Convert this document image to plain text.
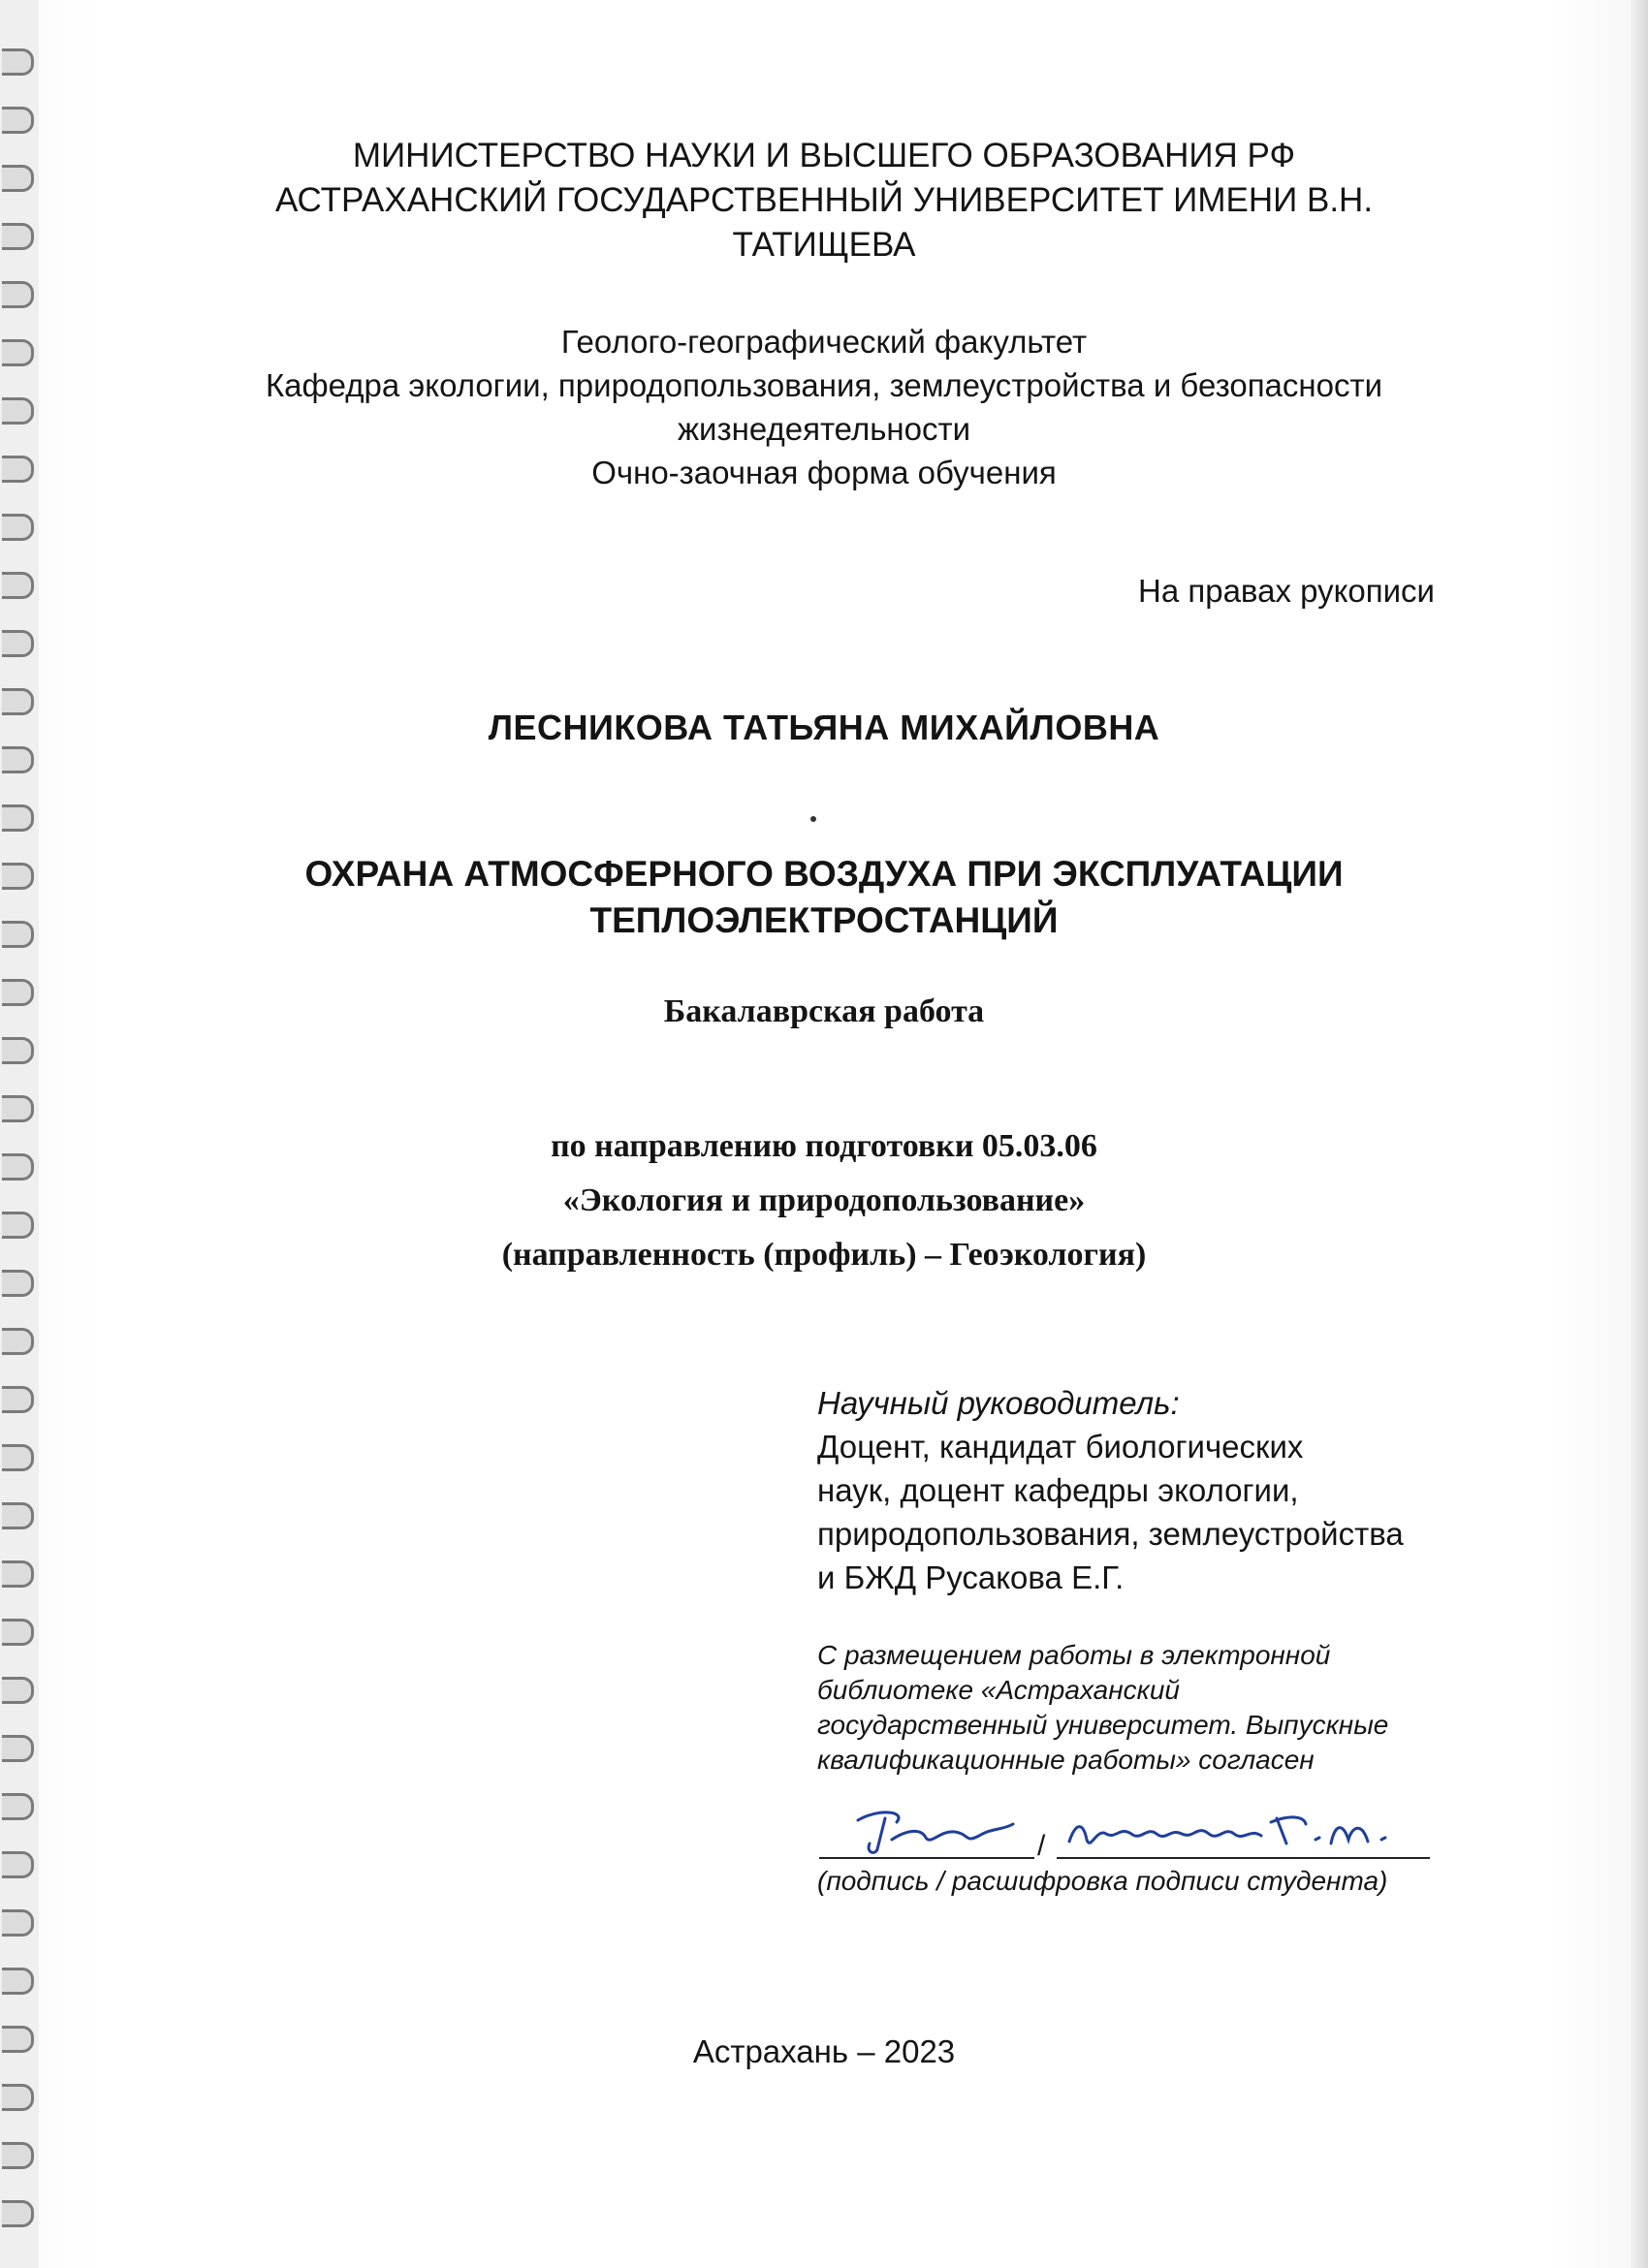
МИНИСТЕРСТВО НАУКИ И ВЫСШЕГО ОБРАЗОВАНИЯ РФ
АСТРАХАНСКИЙ ГОСУДАРСТВЕННЫЙ УНИВЕРСИТЕТ ИМЕНИ В.Н.
ТАТИЩЕВА
Геолого-географический факультет
Кафедра экологии, природопользования, землеустройства и безопасности
жизнедеятельности
Очно-заочная форма обучения
На правах рукописи
ЛЕСНИКОВА ТАТЬЯНА МИХАЙЛОВНА
ОХРАНА АТМОСФЕРНОГО ВОЗДУХА ПРИ ЭКСПЛУАТАЦИИ
ТЕПЛОЭЛЕКТРОСТАНЦИЙ
Бакалаврская работа
по направлению подготовки 05.03.06
«Экология и природопользование»
(направленность (профиль) – Геоэкология)
Научный руководитель:
Доцент, кандидат биологических
наук, доцент кафедры экологии,
природопользования, землеустройства
и БЖД Русакова Е.Г.
С размещением работы в электронной
библиотеке «Астраханский
государственный университет. Выпускные
квалификационные работы» согласен
/
(подпись / расшифровка подписи студента)
Астрахань – 2023
